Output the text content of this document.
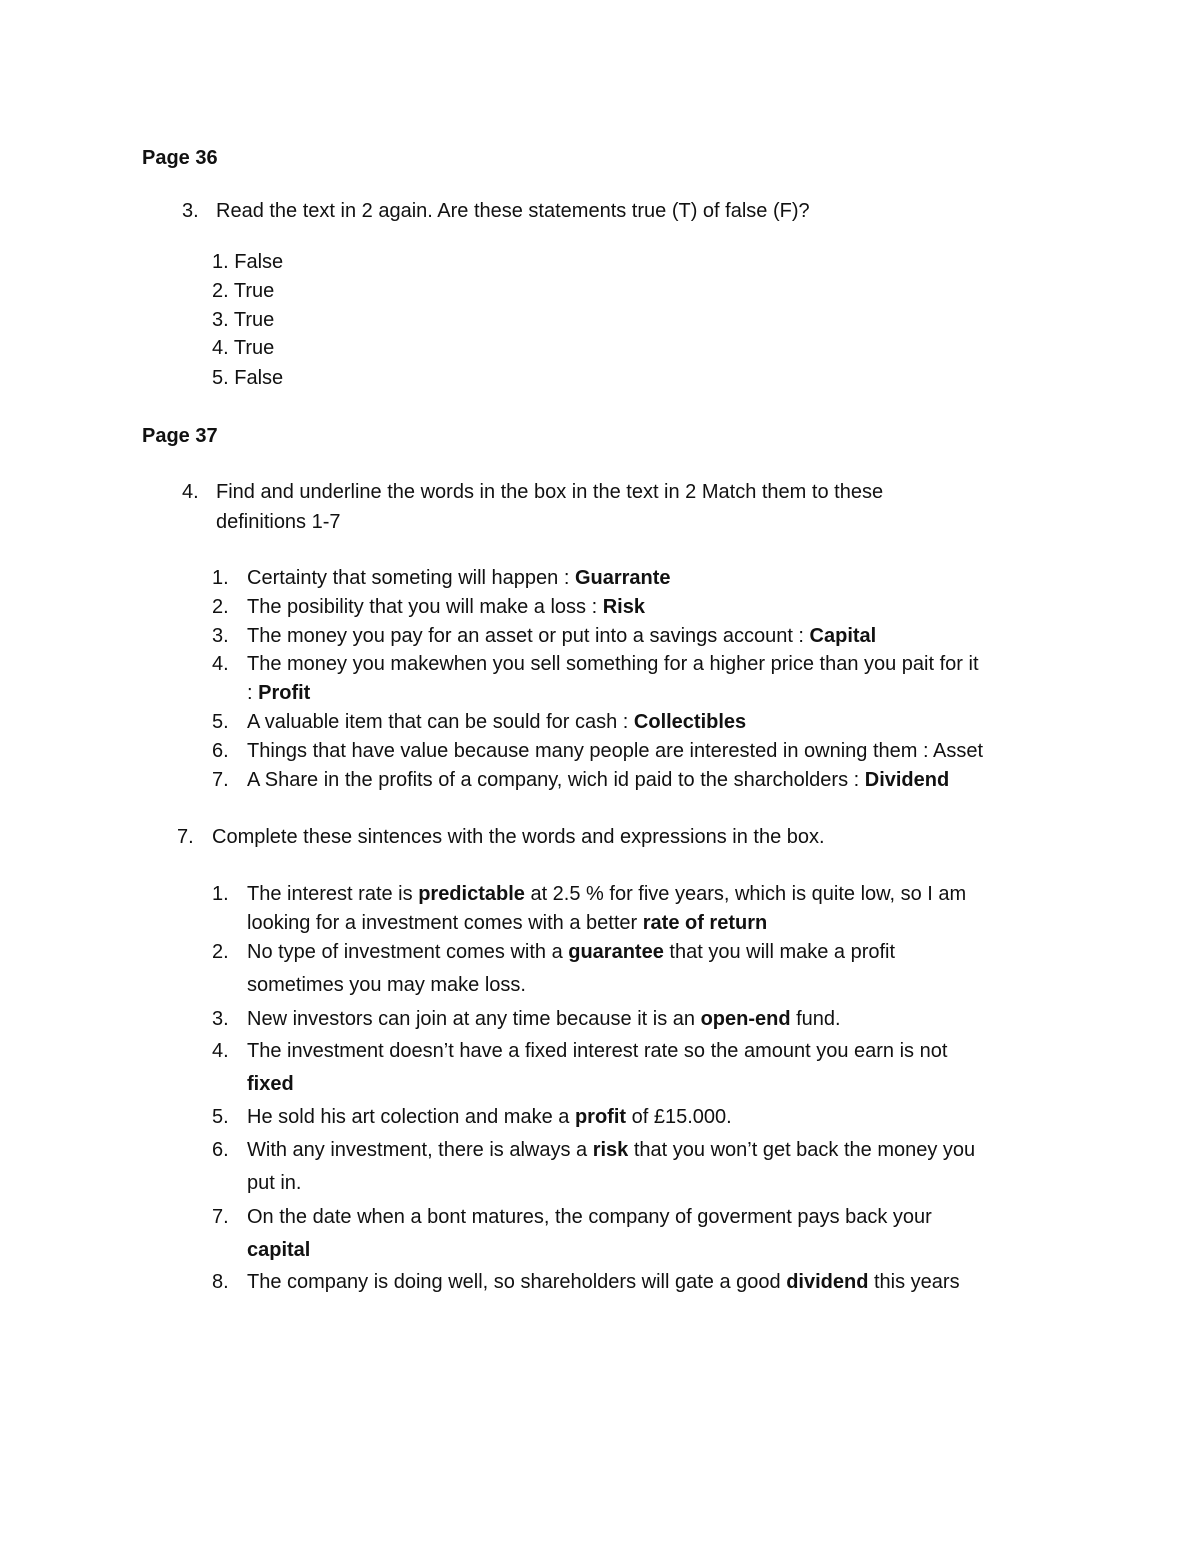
Page 36
3. Read the text in 2 again. Are these statements true (T) of false (F)?
1. False
2. True
3. True
4. True
5. False
Page 37
4. Find and underline the words in the box in the text in 2 Match them to these
definitions 1-7
1. Certainty that someting will happen : Guarrante
2. The posibility that you will make a loss : Risk
3. The money you pay for an asset or put into a savings account : Capital
4. The money you makewhen you sell something for a higher price than you pait for it
: Profit
5. A valuable item that can be sould for cash : Collectibles
6. Things that have value because many people are interested in owning them : Asset
7. A Share in the profits of a company, wich id paid to the sharcholders : Dividend
7. Complete these sintences with the words and expressions in the box.
1. The interest rate is predictable at 2.5 % for five years, which is quite low, so I am
looking for a investment comes with a better rate of return
2. No type of investment comes with a guarantee that you will make a profit
sometimes you may make loss.
3. New investors can join at any time because it is an open-end fund.
4. The investment doesn’t have a fixed interest rate so the amount you earn is not
fixed
5. He sold his art colection and make a profit of £15.000.
6. With any investment, there is always a risk that you won’t get back the money you
put in.
7. On the date when a bont matures, the company of goverment pays back your
capital
8. The company is doing well, so shareholders will gate a good dividend this years
